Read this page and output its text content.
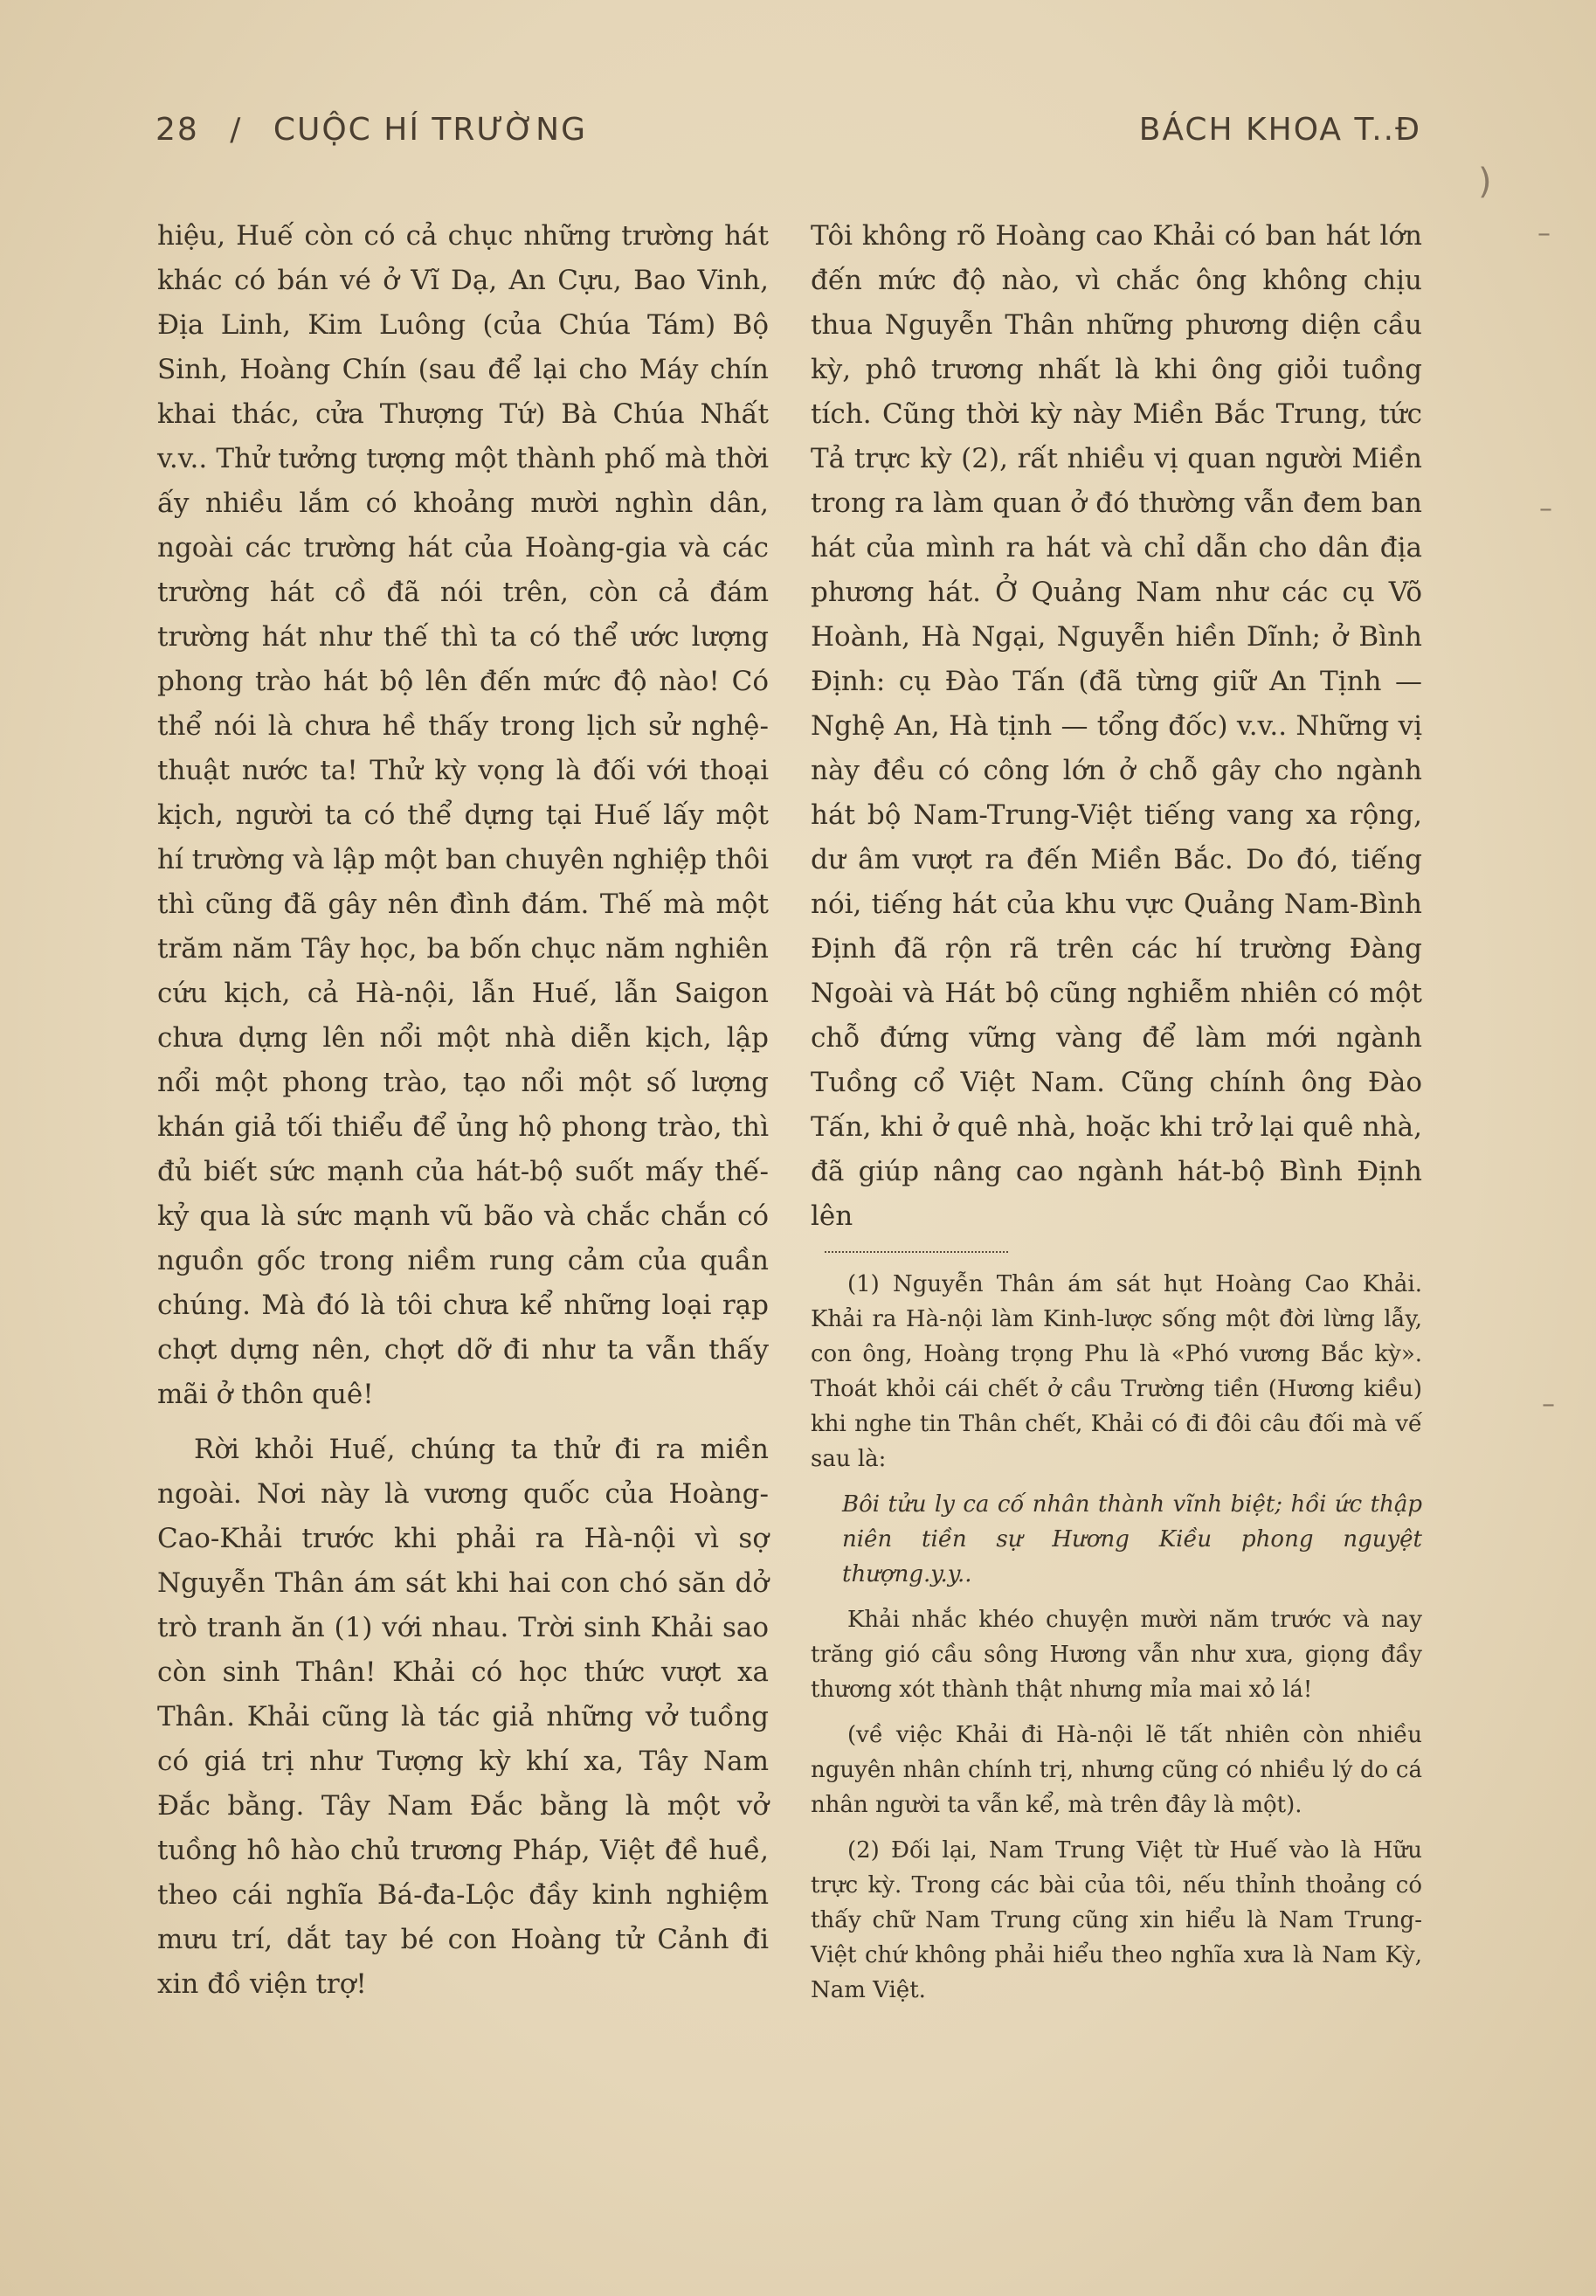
28 / CUỘC HÍ TRƯỜNG	BÁCH KHOA T..Đ

hiệu, Huế còn có cả chục những trường hát khác có bán vé ở Vĩ Dạ, An Cựu, Bao Vinh, Địa Linh, Kim Luông (của Chúa Tám) Bộ Sinh, Hoàng Chín (sau để lại cho Máy chín khai thác, cửa Thượng Tứ) Bà Chúa Nhất v.v.. Thử tưởng tượng một thành phố mà thời ấy nhiều lắm có khoảng mười nghìn dân, ngoài các trường hát của Hoàng-gia và các trường hát cồ đã nói trên, còn cả đám trường hát như thế thì ta có thể ước lượng phong trào hát bộ lên đến mức độ nào! Có thể nói là chưa hề thấy trong lịch sử nghệ-thuật nước ta! Thử kỳ vọng là đối với thoại kịch, người ta có thể dựng tại Huế lấy một hí trường và lập một ban chuyên nghiệp thôi thì cũng đã gây nên đình đám. Thế mà một trăm năm Tây học, ba bốn chục năm nghiên cứu kịch, cả Hà-nội, lẫn Huế, lẫn Saigon chưa dựng lên nổi một nhà diễn kịch, lập nổi một phong trào, tạo nổi một số lượng khán giả tối thiểu để ủng hộ phong trào, thì đủ biết sức mạnh của hát-bộ suốt mấy thế-kỷ qua là sức mạnh vũ bão và chắc chắn có nguồn gốc trong niềm rung cảm của quần chúng. Mà đó là tôi chưa kể những loại rạp chợt dựng nên, chợt dỡ đi như ta vẫn thấy mãi ở thôn quê!

Rời khỏi Huế, chúng ta thử đi ra miền ngoài. Nơi này là vương quốc của Hoàng-Cao-Khải trước khi phải ra Hà-nội vì sợ Nguyễn Thân ám sát khi hai con chó săn dở trò tranh ăn (1) với nhau. Trời sinh Khải sao còn sinh Thân! Khải có học thức vượt xa Thân. Khải cũng là tác giả những vở tuồng có giá trị như Tượng kỳ khí xa, Tây Nam Đắc bằng. Tây Nam Đắc bằng là một vở tuồng hô hào chủ trương Pháp, Việt đề huề, theo cái nghĩa Bá-đa-Lộc đầy kinh nghiệm mưu trí, dắt tay bé con Hoàng tử Cảnh đi xin đồ viện trợ!

Tôi không rõ Hoàng cao Khải có ban hát lớn đến mức độ nào, vì chắc ông không chịu thua Nguyễn Thân những phương diện cầu kỳ, phô trương nhất là khi ông giỏi tuồng tích. Cũng thời kỳ này Miền Bắc Trung, tức Tả trực kỳ (2), rất nhiều vị quan người Miền trong ra làm quan ở đó thường vẫn đem ban hát của mình ra hát và chỉ dẫn cho dân địa phương hát. Ở Quảng Nam như các cụ Võ Hoành, Hà Ngại, Nguyễn hiền Dĩnh; ở Bình Định: cụ Đào Tấn (đã từng giữ An Tịnh — Nghệ An, Hà tịnh — tổng đốc) v.v.. Những vị này đều có công lớn ở chỗ gây cho ngành hát bộ Nam-Trung-Việt tiếng vang xa rộng, dư âm vượt ra đến Miền Bắc. Do đó, tiếng nói, tiếng hát của khu vực Quảng Nam-Bình Định đã rộn rã trên các hí trường Đàng Ngoài và Hát bộ cũng nghiễm nhiên có một chỗ đứng vững vàng để làm mới ngành Tuồng cổ Việt Nam. Cũng chính ông Đào Tấn, khi ở quê nhà, hoặc khi trở lại quê nhà, đã giúp nâng cao ngành hát-bộ Bình Định lên

(1) Nguyễn Thân ám sát hụt Hoàng Cao Khải. Khải ra Hà-nội làm Kinh-lược sống một đời lừng lẫy, con ông, Hoàng trọng Phu là «Phó vương Bắc kỳ». Thoát khỏi cái chết ở cầu Trường tiền (Hương kiều) khi nghe tin Thân chết, Khải có đi đôi câu đối mà vế sau là:

Bôi tửu ly ca cố nhân thành vĩnh biệt; hồi ức thập niên tiền sự Hương Kiều phong nguyệt thượng.y.y..

Khải nhắc khéo chuyện mười năm trước và nay trăng gió cầu sông Hương vẫn như xưa, giọng đầy thương xót thành thật nhưng mỉa mai xỏ lá!

(về việc Khải đi Hà-nội lẽ tất nhiên còn nhiều nguyên nhân chính trị, nhưng cũng có nhiều lý do cá nhân người ta vẫn kể, mà trên đây là một).

(2) Đối lại, Nam Trung Việt từ Huế vào là Hữu trực kỳ. Trong các bài của tôi, nếu thỉnh thoảng có thấy chữ Nam Trung cũng xin hiểu là Nam Trung-Việt chứ không phải hiểu theo nghĩa xưa là Nam Kỳ, Nam Việt.

–
–
–
)
